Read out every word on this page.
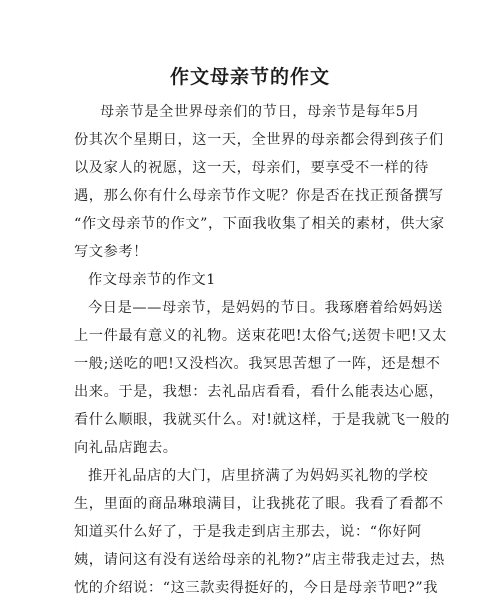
作文母亲节的作文
母亲节是全世界母亲们的节日，母亲节是每年5月
份其次个星期日，这一天，全世界的母亲都会得到孩子们
以及家人的祝愿，这一天，母亲们，要享受不一样的待
遇，那么你有什么母亲节作文呢？你是否在找正预备撰写
“作文母亲节的作文”，下面我收集了相关的素材，供大家
写文参考！
作文母亲节的作文1
今日是——母亲节，是妈妈的节日。我琢磨着给妈妈送
上一件最有意义的礼物。送束花吧!太俗气;送贺卡吧!又太
一般;送吃的吧!又没档次。我冥思苦想了一阵，还是想不
出来。于是，我想：去礼品店看看，看什么能表达心愿，
看什么顺眼，我就买什么。对!就这样，于是我就飞一般的
向礼品店跑去。
推开礼品店的大门，店里挤满了为妈妈买礼物的学校
生，里面的商品琳琅满目，让我挑花了眼。我看了看都不
知道买什么好了，于是我走到店主那去，说：“你好阿
姨，请问这有没有送给母亲的礼物?”店主带我走过去，热
忱的介绍说：“这三款卖得挺好的，今日是母亲节吧?”我
